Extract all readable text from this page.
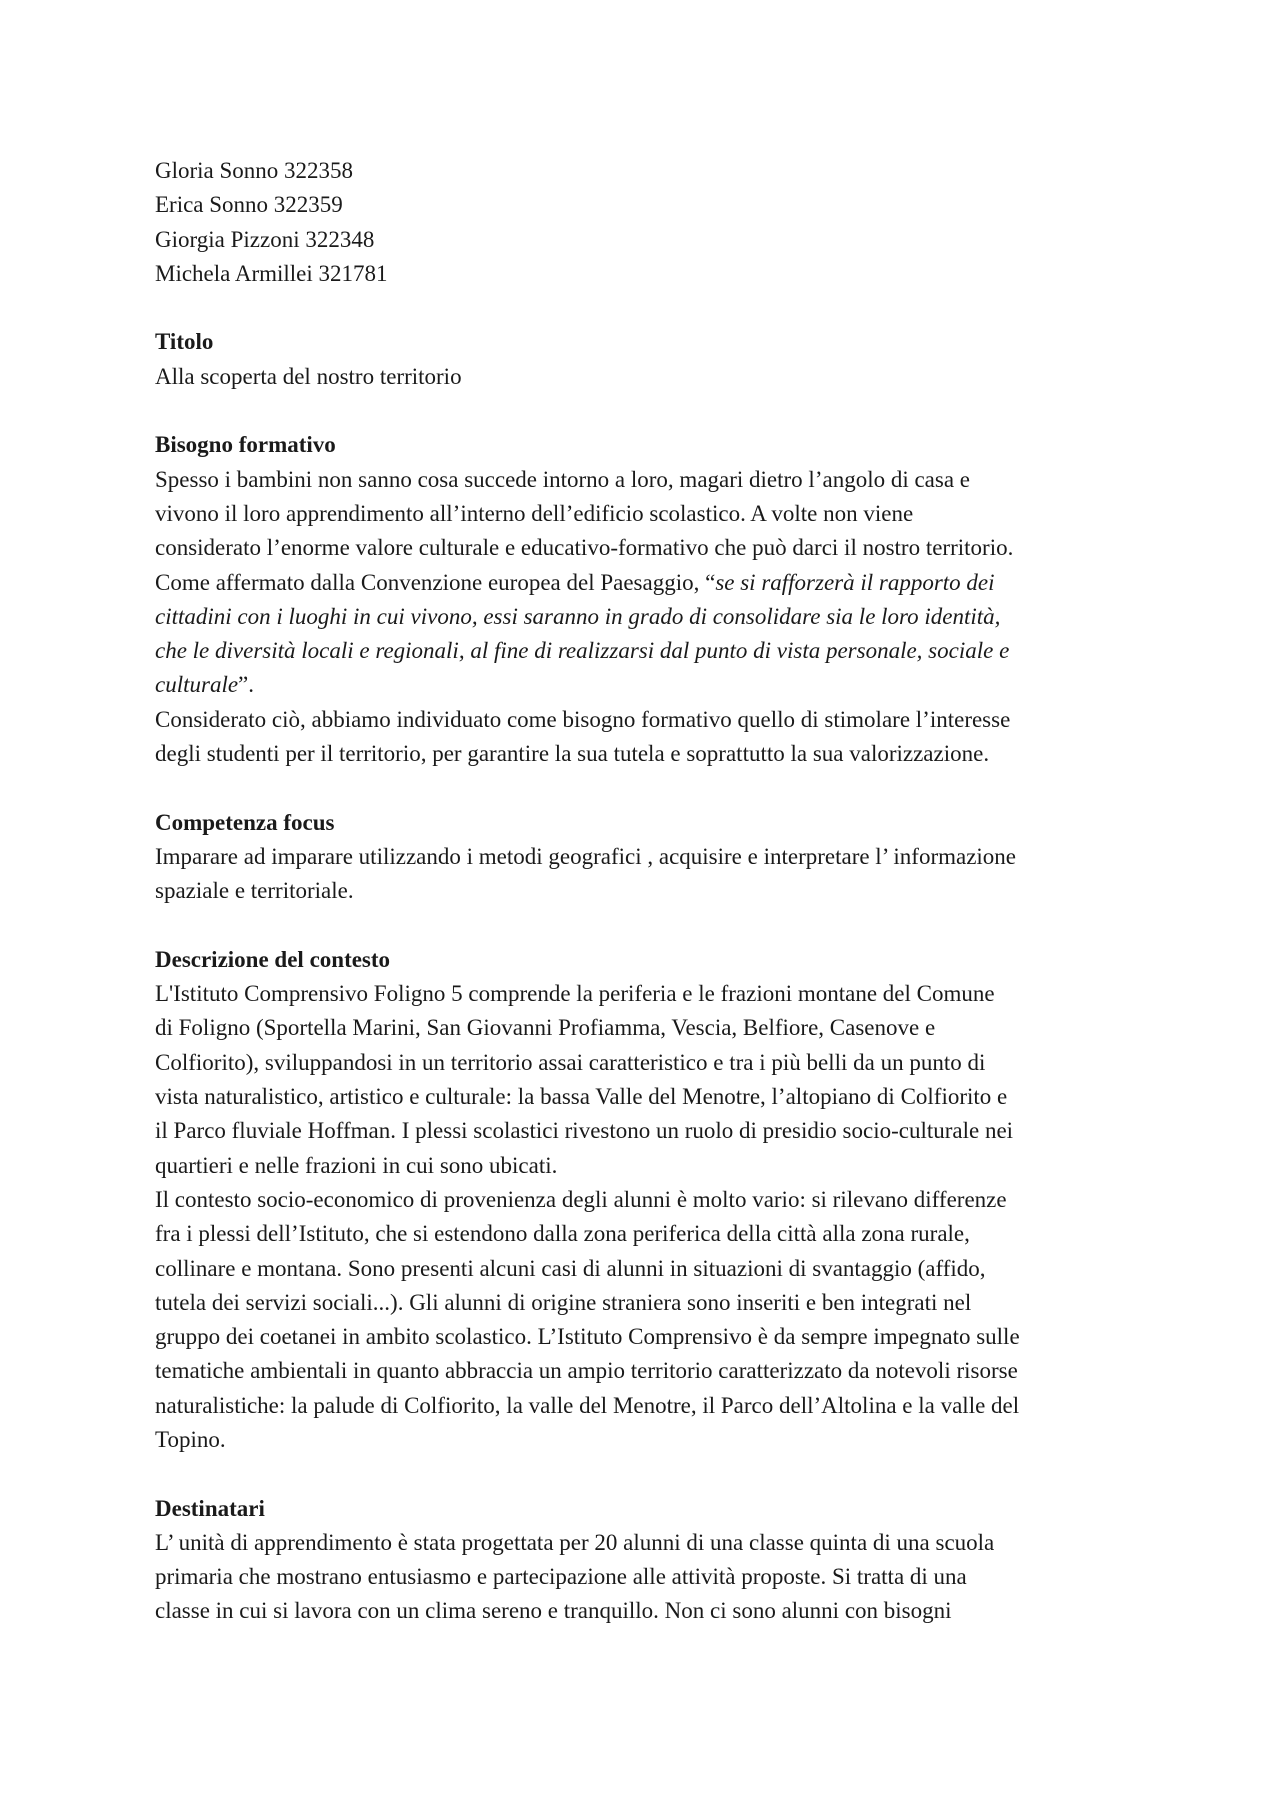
Gloria Sonno 322358
Erica Sonno 322359
Giorgia Pizzoni 322348
Michela Armillei 321781
Titolo
Alla scoperta del nostro territorio
Bisogno formativo
Spesso i bambini non sanno cosa succede intorno a loro, magari dietro l’angolo di casa e
vivono il loro apprendimento all’interno dell’edificio scolastico. A volte non viene
considerato l’enorme valore culturale e educativo-formativo che può darci il nostro territorio.
Come affermato dalla Convenzione europea del Paesaggio, “se si rafforzerà il rapporto dei
cittadini con i luoghi in cui vivono, essi saranno in grado di consolidare sia le loro identità,
che le diversità locali e regionali, al fine di realizzarsi dal punto di vista personale, sociale e
culturale”.
Considerato ciò, abbiamo individuato come bisogno formativo quello di stimolare l’interesse
degli studenti per il territorio, per garantire la sua tutela e soprattutto la sua valorizzazione.
Competenza focus
Imparare ad imparare utilizzando i metodi geografici , acquisire e interpretare l’ informazione
spaziale e territoriale.
Descrizione del contesto
L'Istituto Comprensivo Foligno 5 comprende la periferia e le frazioni montane del Comune
di Foligno (Sportella Marini, San Giovanni Profiamma, Vescia, Belfiore, Casenove e
Colfiorito), sviluppandosi in un territorio assai caratteristico e tra i più belli da un punto di
vista naturalistico, artistico e culturale: la bassa Valle del Menotre, l’altopiano di Colfiorito e
il Parco fluviale Hoffman. I plessi scolastici rivestono un ruolo di presidio socio-culturale nei
quartieri e nelle frazioni in cui sono ubicati.
Il contesto socio-economico di provenienza degli alunni è molto vario: si rilevano differenze
fra i plessi dell’Istituto, che si estendono dalla zona periferica della città alla zona rurale,
collinare e montana. Sono presenti alcuni casi di alunni in situazioni di svantaggio (affido,
tutela dei servizi sociali...). Gli alunni di origine straniera sono inseriti e ben integrati nel
gruppo dei coetanei in ambito scolastico. L’Istituto Comprensivo è da sempre impegnato sulle
tematiche ambientali in quanto abbraccia un ampio territorio caratterizzato da notevoli risorse
naturalistiche: la palude di Colfiorito, la valle del Menotre, il Parco dell’Altolina e la valle del
Topino.
Destinatari
L’ unità di apprendimento è stata progettata per 20 alunni di una classe quinta di una scuola
primaria che mostrano entusiasmo e partecipazione alle attività proposte. Si tratta di una
classe in cui si lavora con un clima sereno e tranquillo. Non ci sono alunni con bisogni
